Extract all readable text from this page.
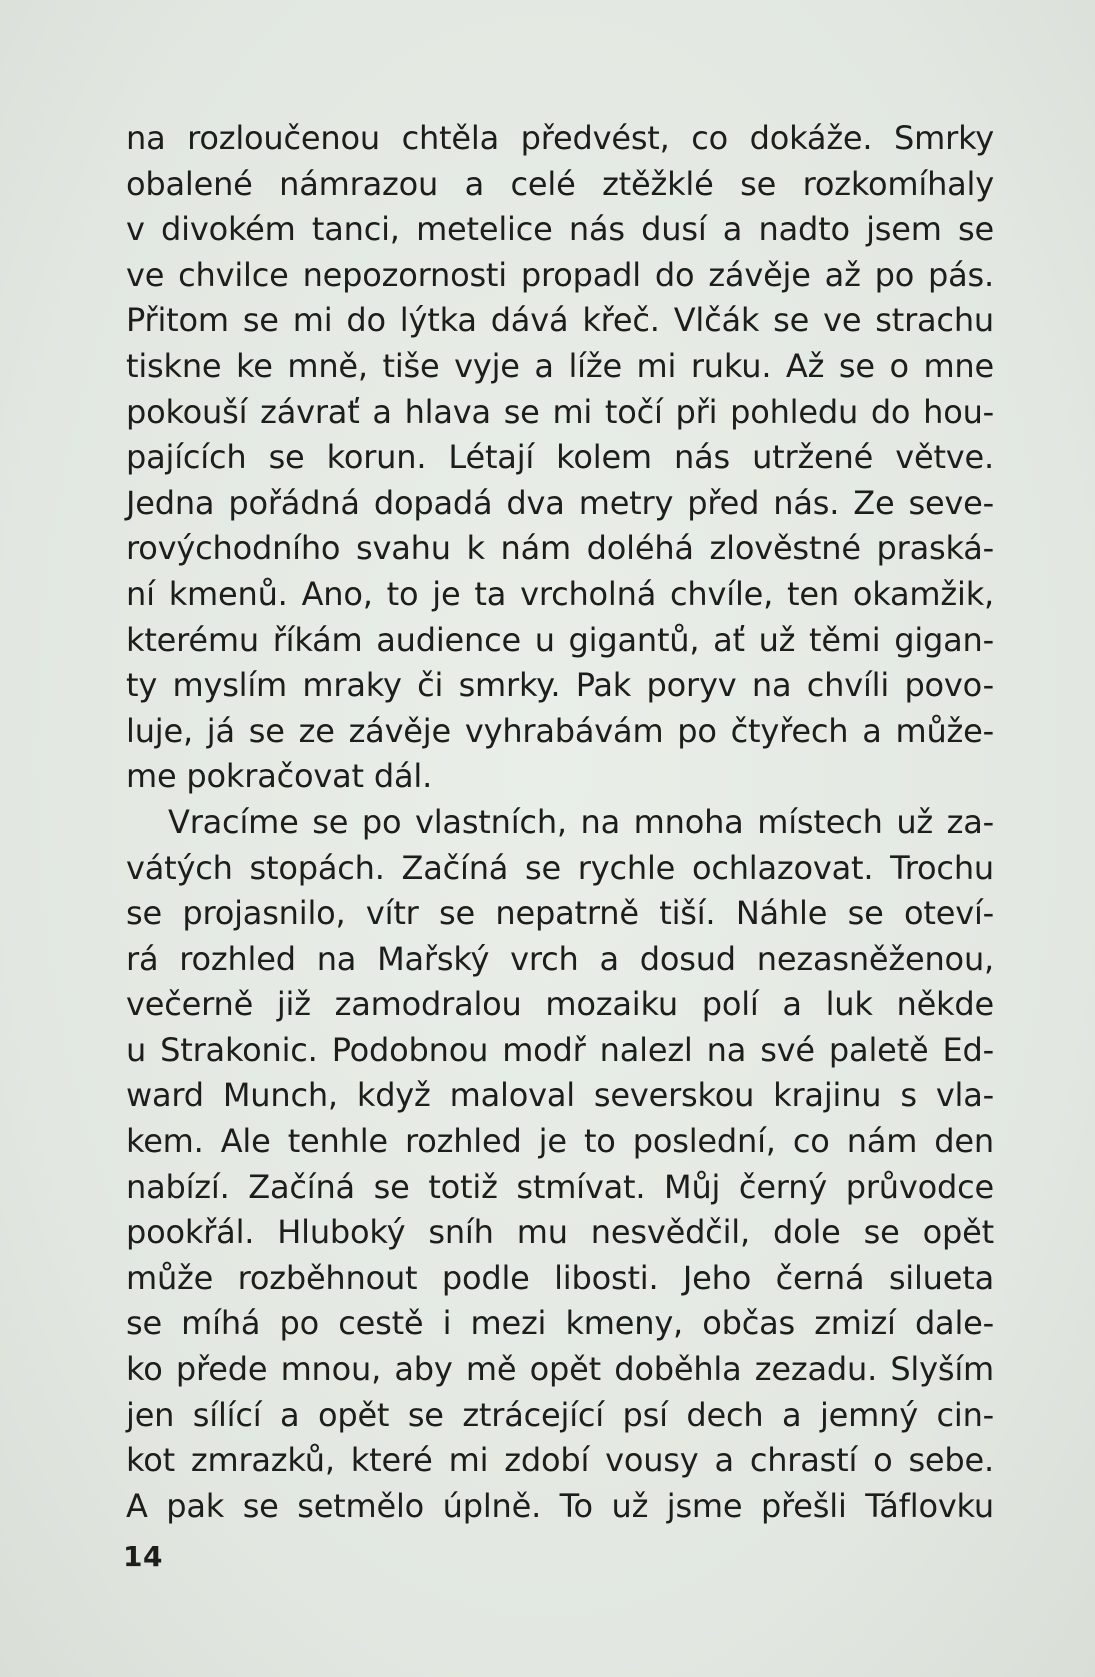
na rozloučenou chtěla předvést, co dokáže. Smrky
obalené námrazou a celé ztěžklé se rozkomíhaly
v divokém tanci, metelice nás dusí a nadto jsem se
ve chvilce nepozornosti propadl do závěje až po pás.
Přitom se mi do lýtka dává křeč. Vlčák se ve strachu
tiskne ke mně, tiše vyje a líže mi ruku. Až se o mne
pokouší závrať a hlava se mi točí při pohledu do hou-
pajících se korun. Létají kolem nás utržené větve.
Jedna pořádná dopadá dva metry před nás. Ze seve-
rovýchodního svahu k nám doléhá zlověstné praská-
ní kmenů. Ano, to je ta vrcholná chvíle, ten okamžik,
kterému říkám audience u gigantů, ať už těmi gigan-
ty myslím mraky či smrky. Pak poryv na chvíli povo-
luje, já se ze závěje vyhrabávám po čtyřech a může-
me pokračovat dál.
Vracíme se po vlastních, na mnoha místech už za-
vátých stopách. Začíná se rychle ochlazovat. Trochu
se projasnilo, vítr se nepatrně tiší. Náhle se oteví-
rá rozhled na Mařský vrch a dosud nezasněženou,
večerně již zamodralou mozaiku polí a luk někde
u Strakonic. Podobnou modř nalezl na své paletě Ed-
ward Munch, když maloval severskou krajinu s vla-
kem. Ale tenhle rozhled je to poslední, co nám den
nabízí. Začíná se totiž stmívat. Můj černý průvodce
pookřál. Hluboký sníh mu nesvědčil, dole se opět
může rozběhnout podle libosti. Jeho černá silueta
se míhá po cestě i mezi kmeny, občas zmizí dale-
ko přede mnou, aby mě opět doběhla zezadu. Slyším
jen sílící a opět se ztrácející psí dech a jemný cin-
kot zmrazků, které mi zdobí vousy a chrastí o sebe.
A pak se setmělo úplně. To už jsme přešli Táflovku
14
